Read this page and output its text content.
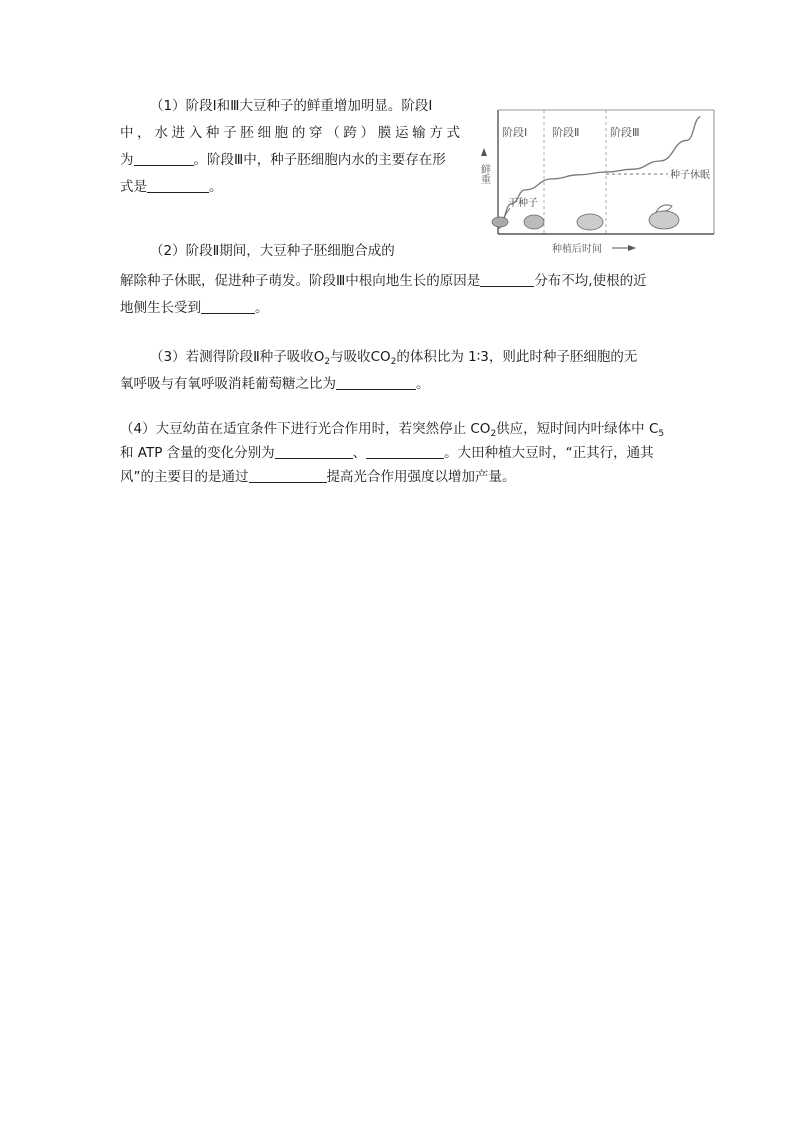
（1）阶段Ⅰ和Ⅲ大豆种子的鲜重增加明显。阶段Ⅰ
中，水进入种子胚细胞的穿（跨）膜运输方式
为	。阶段Ⅲ中，种子胚细胞内水的主要存在形
式是	。
（2）阶段Ⅱ期间，大豆种子胚细胞合成的
解除种子休眠，促进种子萌发。阶段Ⅲ中根向地生长的原因是	分布不均,使根的近
地侧生长受到	。
（3）若测得阶段Ⅱ种子吸收$O_2$与吸收$CO_2$的体积比为 1∶3，则此时种子胚细胞的无
氧呼吸与有氧呼吸消耗葡萄糖之比为	。
（4）大豆幼苗在适宜条件下进行光合作用时，若突然停止 $CO_2$供应，短时间内叶绿体中 $C_5$
和 ATP 含量的变化分别为	、	。大田种植大豆时，“正其行，通其
风”的主要目的是通过	提高光合作用强度以增加产量。
阶段Ⅰ 阶段Ⅱ	阶段Ⅲ
鲜重	种子休眠
干种子
种植后时间
